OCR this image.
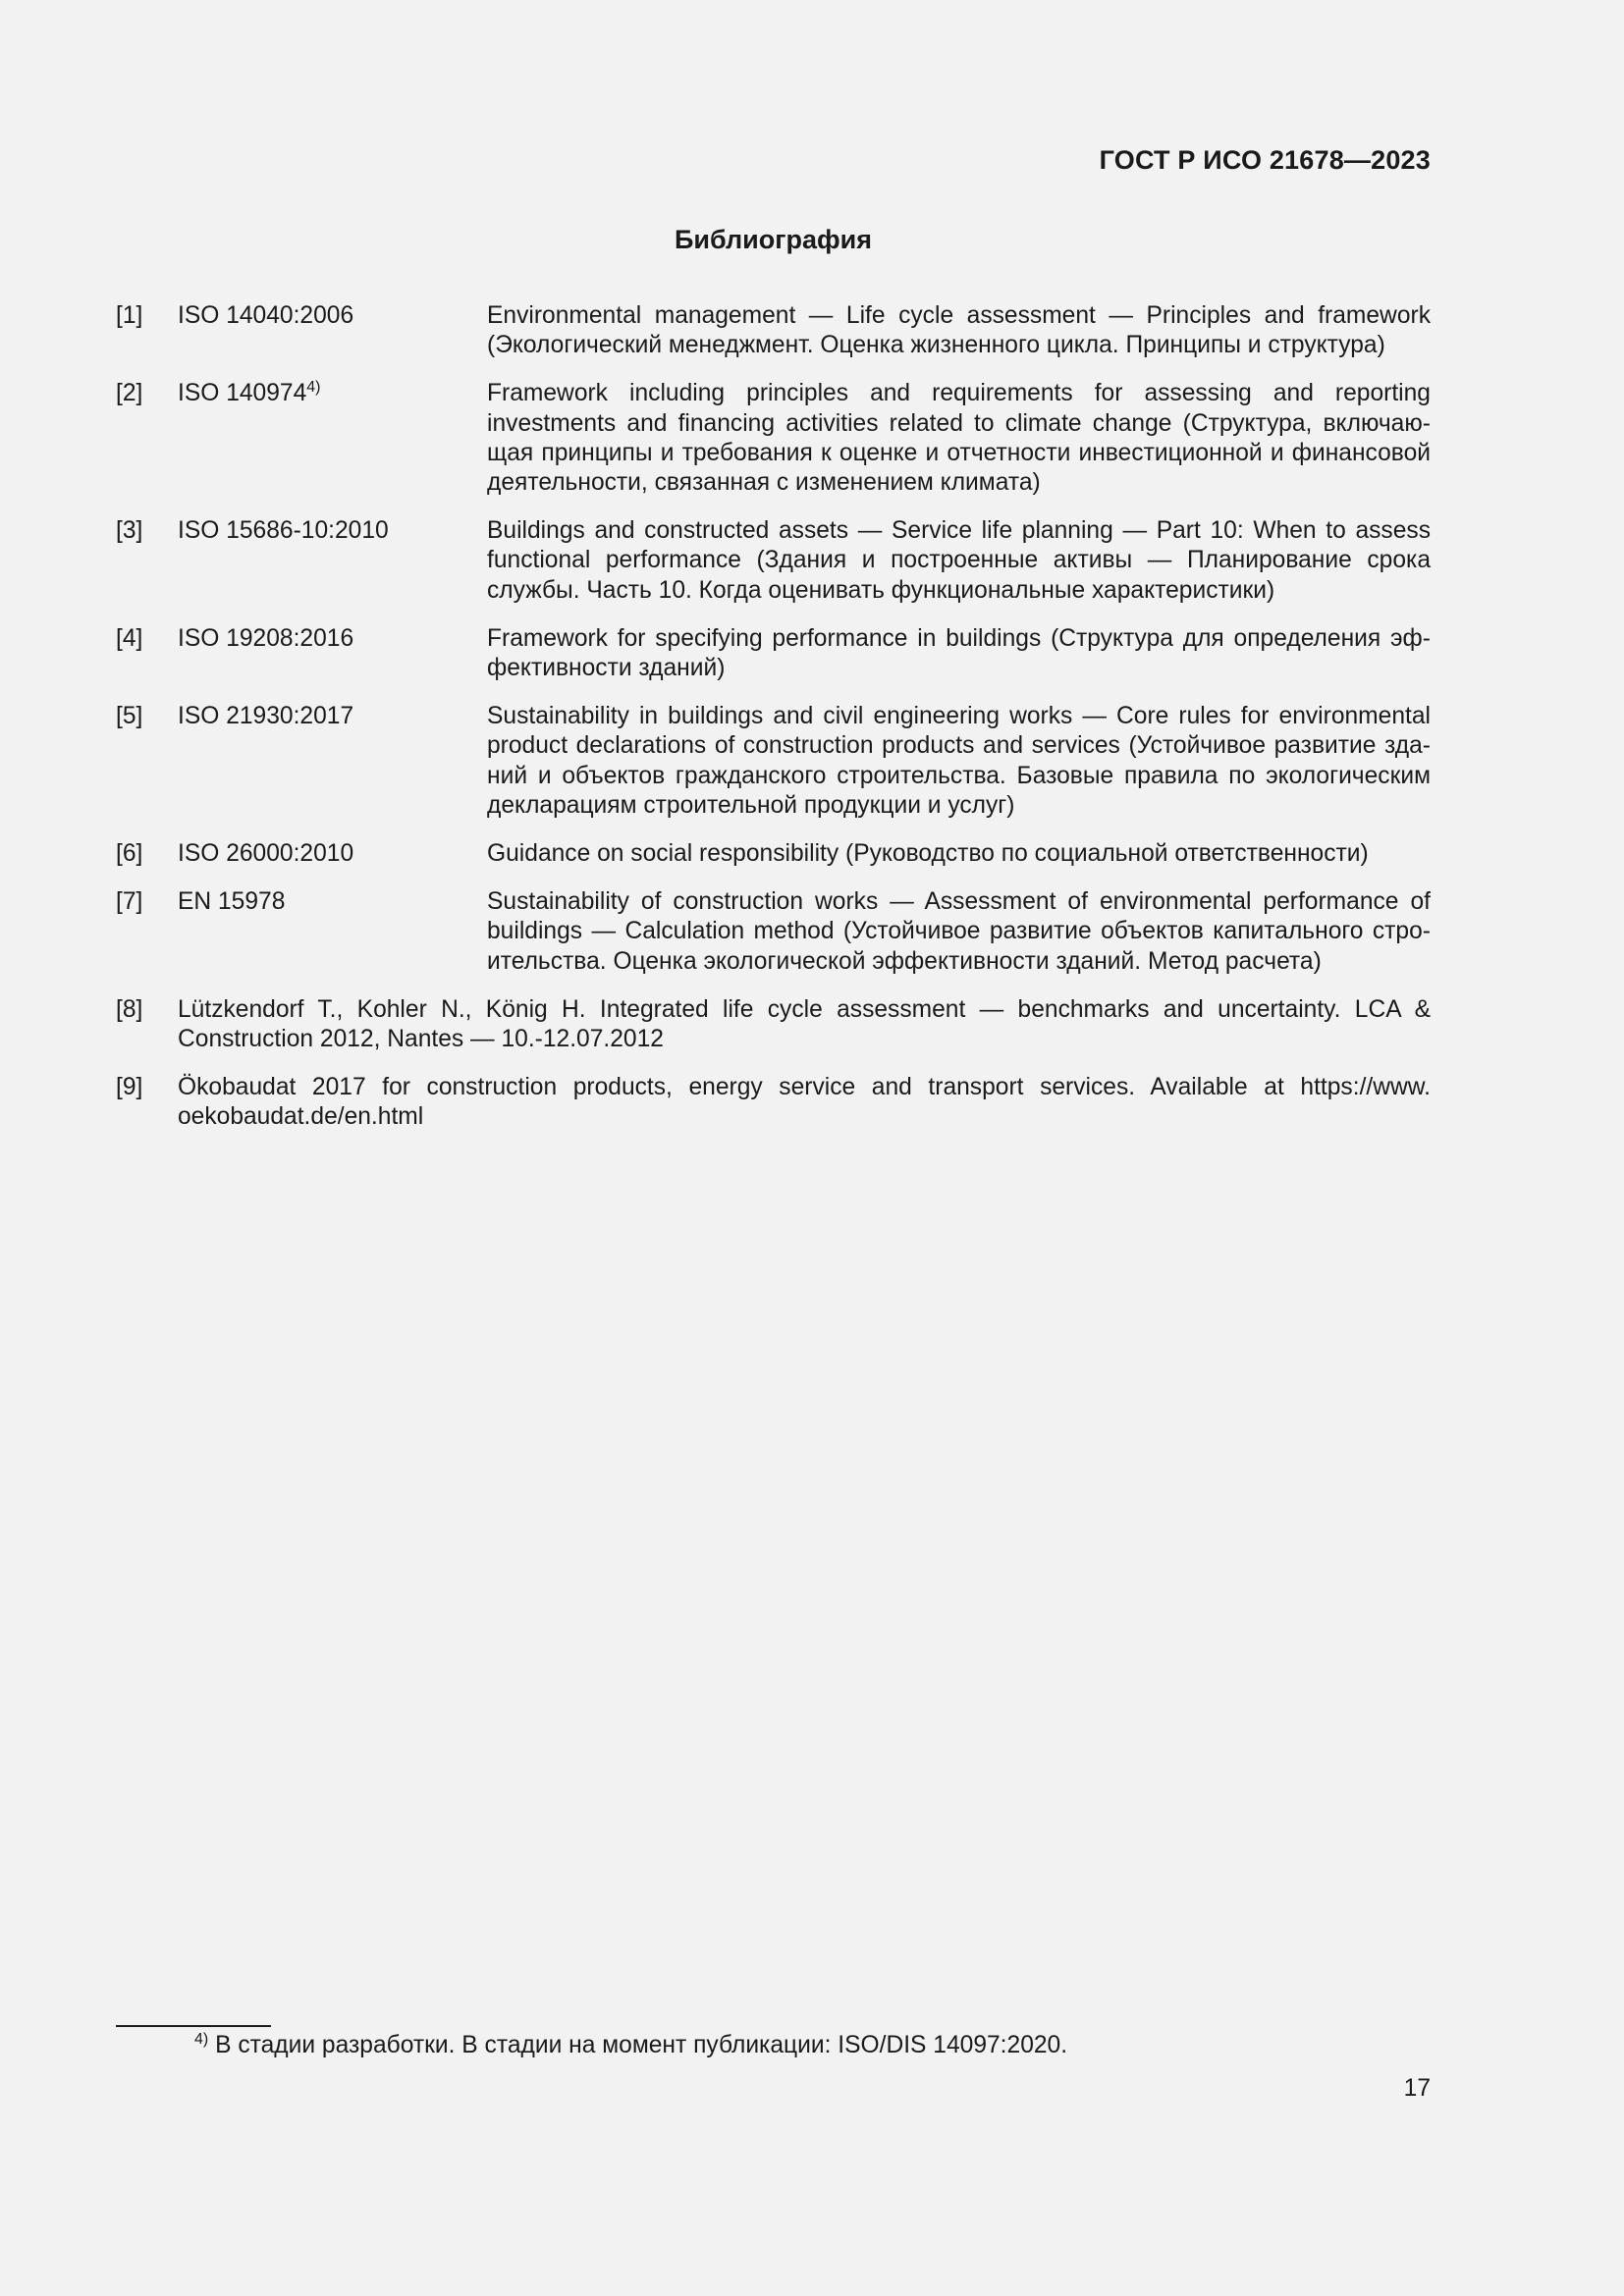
ГОСТ Р ИСО 21678—2023
Библиография
[1]	ISO 14040:2006	Environmental management — Life cycle assessment — Principles and framework (Экологический менеджмент. Оценка жизненного цикла. Принципы и структура)
[2]	ISO 140974$^{4)}$	Framework including principles and requirements for assessing and reporting investments and financing activities related to climate change (Структура, включающая принципы и требования к оценке и отчетности инвестиционной и финансовой деятельности, связанная с изменением климата)
[3]	ISO 15686-10:2010	Buildings and constructed assets — Service life planning — Part 10: When to assess functional performance (Здания и построенные активы — Планирование срока службы. Часть 10. Когда оценивать функциональные характеристики)
[4]	ISO 19208:2016	Framework for specifying performance in buildings (Структура для определения эффективности зданий)
[5]	ISO 21930:2017	Sustainability in buildings and civil engineering works — Core rules for environmental product declarations of construction products and services (Устойчивое развитие зданий и объектов гражданского строительства. Базовые правила по экологическим декларациям строительной продукции и услуг)
[6]	ISO 26000:2010	Guidance on social responsibility (Руководство по социальной ответственности)
[7]	EN 15978	Sustainability of construction works — Assessment of environmental performance of buildings — Calculation method (Устойчивое развитие объектов капитального строительства. Оценка экологической эффективности зданий. Метод расчета)
[8]	Lützkendorf T., Kohler N., König H. Integrated life cycle assessment — benchmarks and uncertainty. LCA & Construction 2012, Nantes — 10.-12.07.2012
[9]	Ökobaudat 2017 for construction products, energy service and transport services. Available at https://www. oekobaudat.de/en.html
$^{4)}$ В стадии разработки. В стадии на момент публикации: ISO/DIS 14097:2020.
17
